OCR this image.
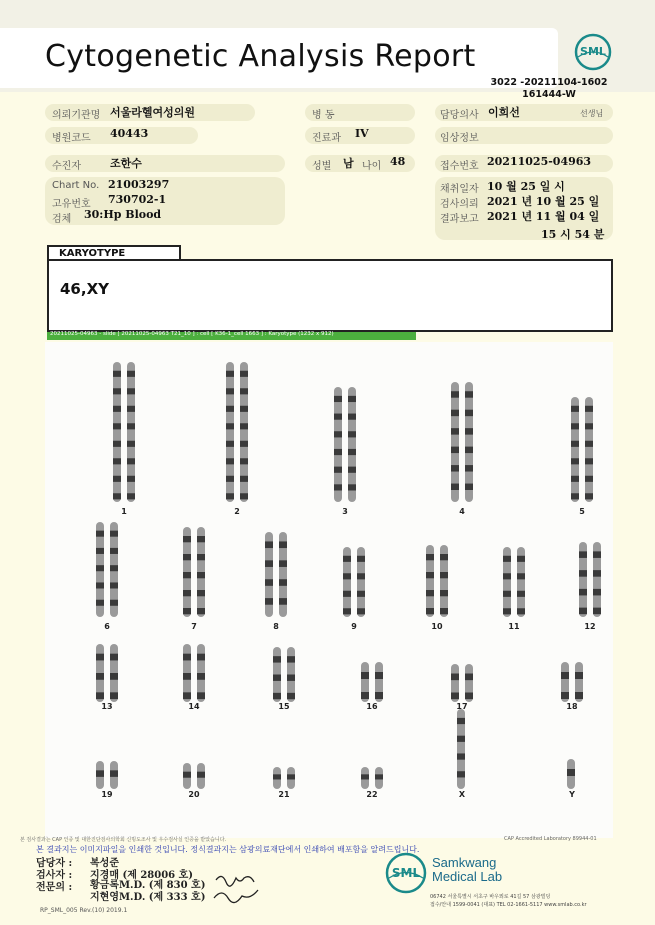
Cytogenetic Analysis Report	SML
3022 -20211104-1602
161444-W
의뢰기관명 서울라헬여성의원	병 동	담당의사 이희선	선생님
병원코드 40443	진료과 IV	임상정보
수진자	조한수	성별 남 나이 48	접수번호 20211025-04963
Chart No. 21003297
고유번호 730702-1
검체 30:Hp Blood
채취일자 10 월 25 일 시
검사의뢰 2021 년 10 월 25 일
결과보고 2021 년 11 월 04 일
15 시 54 분
KARYOTYPE
46,XY
20211025-04963 - slide [ 20211025-04963 T21_10 ] : cell [ K36-1_cell 1663 ] : Karyotype (1232 x 912)
1	2	3	4	5
6	7	8	9	10	11	12
13	14	15	16	17	18
19	20	21	22	X	Y
본 검사결과는 CAP 인증 및 대한진단검사의학회 신빙도조사 및 우수검사실 인증을 받았습니다.	CAP Accredited Laboratory 89944-01
본 결과지는 이미지파일을 인쇄한 것입니다. 정식결과지는 삼광의료재단에서 인쇄하여 배포함을 알려드립니다.
담당자 : 복성준
검사자 : 지경매 (제 28006 호)
전문의 : 황금록M.D. (제 830 호)
지현영M.D. (제 333 호)
RP_SML_005 Rev.(10) 2019.1
SML
Samkwang
Medical Lab
06742 서울특별시 서초구 바우뫼로 41길 57 삼광빌딩
접수/안내 1599-0041 (대표) TEL 02-1661-5117 www.smlab.co.kr
